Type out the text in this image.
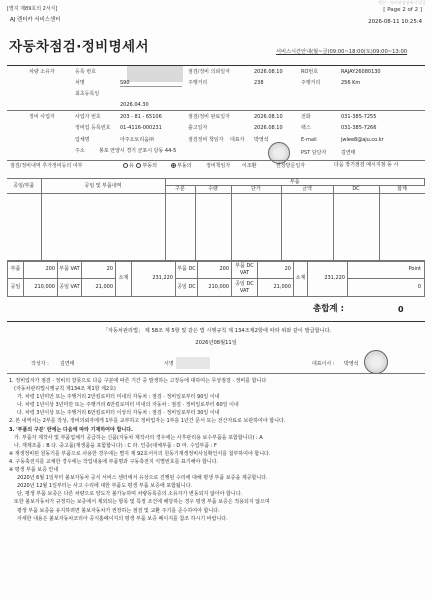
발신 · 정비점검명세서 발급
[별지 제89호의 2서식]	[ Page 2 of 2 ]
AJ 렌터카 서비스센터	2026-08-11 10:25:4
자동차점검·정비명세서	서비스시간안내(월~금)09:00~18:00(토)09:00~13:00
차량 소유자	등록 번호
차명	S90
최초등록일
2026.04.30
점검/정비 의뢰일자	2026.08.10	RO번호	RAJAY26080130
주행거리	238	주행거리	256 Km
정비 사업자	사업자 번호	203 - 81 - 65106
정비업 등록번호 01-4116-000231
업체명	아주오토리움㈜
주소	봉포 안양시 경기 군포시 당동 44-5
점검/정비 완료일자	2026.08.10
출고일자	2026.08.10
점검정비 책임자	박영석
대표자
전화	031-385-7255
팩스	031-385-7266
E-mail	jwlee8@aju.co.kr
PST 담당자	김연태
점검/정비내역 추가정비등의 여부	유 부동의	부동의	정비책임자 이조환	권장방문일자	다음 장기점검 예시지점 동 시
공임/부품	공임 및 부품내역	부품					
		구분	수량	단가	금액	DC	합계

부품	200	부품 VAT	20	소계	231,220	부품 DC	200	부품 DC VAT	20	소계	231,220	Point
공임	210,000	공임 VAT	21,000			공임 DC	210,000	공임 DC VAT	21,000			0
총합계 :	0
「자동차관리법」 제 58조 제 5항 및 같은 법 시행규칙 제 134조제2항에 따라 위와 같이 발급합니다.
2026년08월11일
작성자 : 김연태	서명	대표이사 : 박영석
1. 정비업자가 점검 · 정비의 잘못으로 다음 구분에 따른 기간 중 발생하는 고장등에 대하여는 무상점검 · 정비를 합니다
(자동차관리법시행규칙 제134조 제1항 제2호)
가. 차령 1년미만 또는 주행거리 2만킬로미터 미내의 자동차 : 점검 · 정비일로부터 90일 이내
나. 차령 1년이상 3년미만 또는 주행거리 6만킬로미터 미내의 자동차 : 점검 · 정비일로부터 60일 이내
다. 차령 3년이상 또는 주행거리 6만킬로미터 이상의 자동차 : 점검 · 정비일로부터 30일 이내
2. 본 내역서는 2부를 작성, 정비의뢰자에게 1부를 교부하고 정비업자는 1부를 1년간 문서 또는 전산자료로 보관하여야 합니다.
3. '부품의 구분' 란에는 다음에 따라 기재하여야 합니다.
가. 부품자 제작사 및 부품업체가 공급하는 신품(자동차 제작사의 경우에는 사후관리용 보수부품을 포함합니다) : A
나. 재제조품 : B 다. 중고품(재생품을 포함합니다) : C 라. 인증(대체부품 : D 마. 수입부품 : F
※ 재생정비된 원동기를 부품으로 사용한 경우에는 별지 제 92호서식의 원동기재생정비사실확인서를 첨부하여야 합니다.
4. 구동축전지를 교체한 경우에는 작업내용에 부품명과 구동축전지 식별번호를 표기해야 합니다.
※ 평생 부품 보증 안내
2020년 6월 1일부터 볼보자동차 공식 서비스 센터에서 유상으로 진행된 수리에 대해 평생 부품 보증을 제공합니다.
2020년 12월 1일부터는 사고 수리에 대한 부품도 평생 부품 보증에 포함됩니다.
단, 평생 부품 보증은 다른 차량으로 양도가 불가능하며 차량등록증의 소유자가 변동되지 않아야 합니다.
또한 볼보자동차가 규정하는 보증에서 제외되는 항목 및 특정 조건에 해당하는 경우 평생 부품 보증은 적용되지 않으며
평생 부품 보증을 유지하려면 볼보자동차가 권장하는 점검 및 교환 주기를 준수하여야 합니다.
자세한 내용은 볼보자동차코리아 공식홈페이지의 평생 부품 보증 페이지를 참조 하시기 바랍니다.
